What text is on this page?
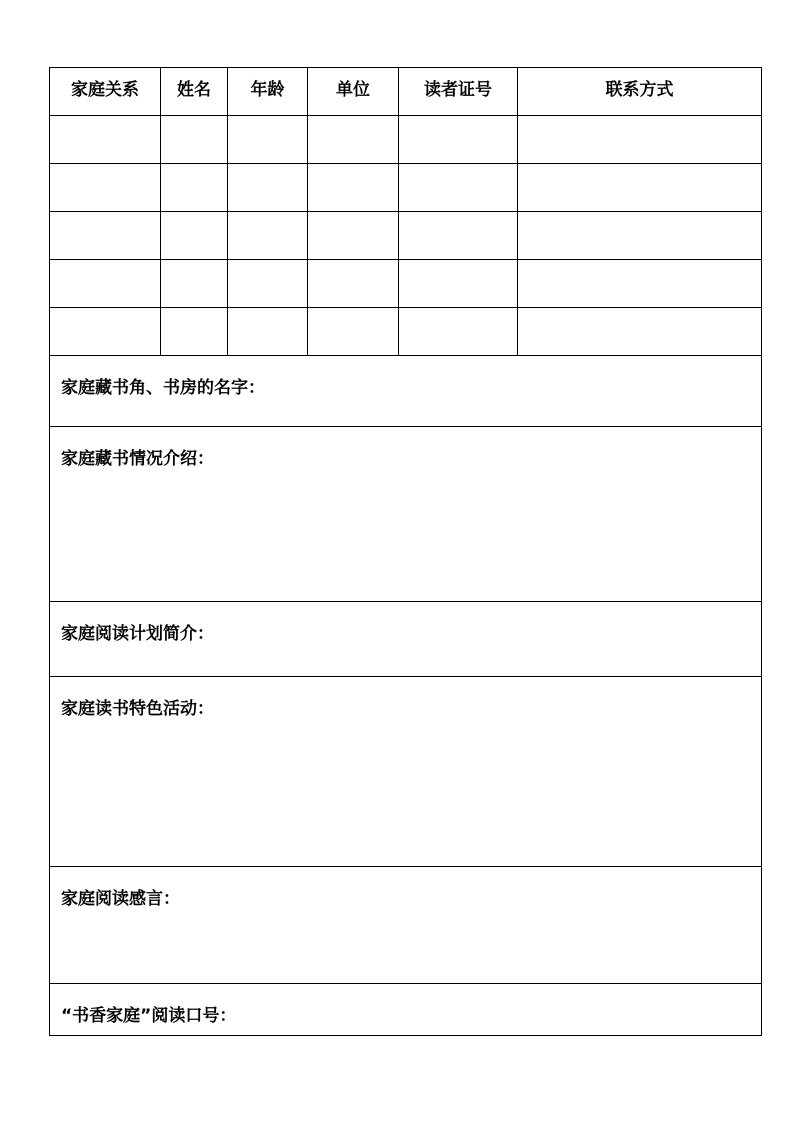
家庭关系	姓名	年龄	单位	读者证号	联系方式

家庭藏书角、书房的名字：					
家庭藏书情况介绍：					
家庭阅读计划简介：					
家庭读书特色活动：					
家庭阅读感言：					
“书香家庭”阅读口号：					
